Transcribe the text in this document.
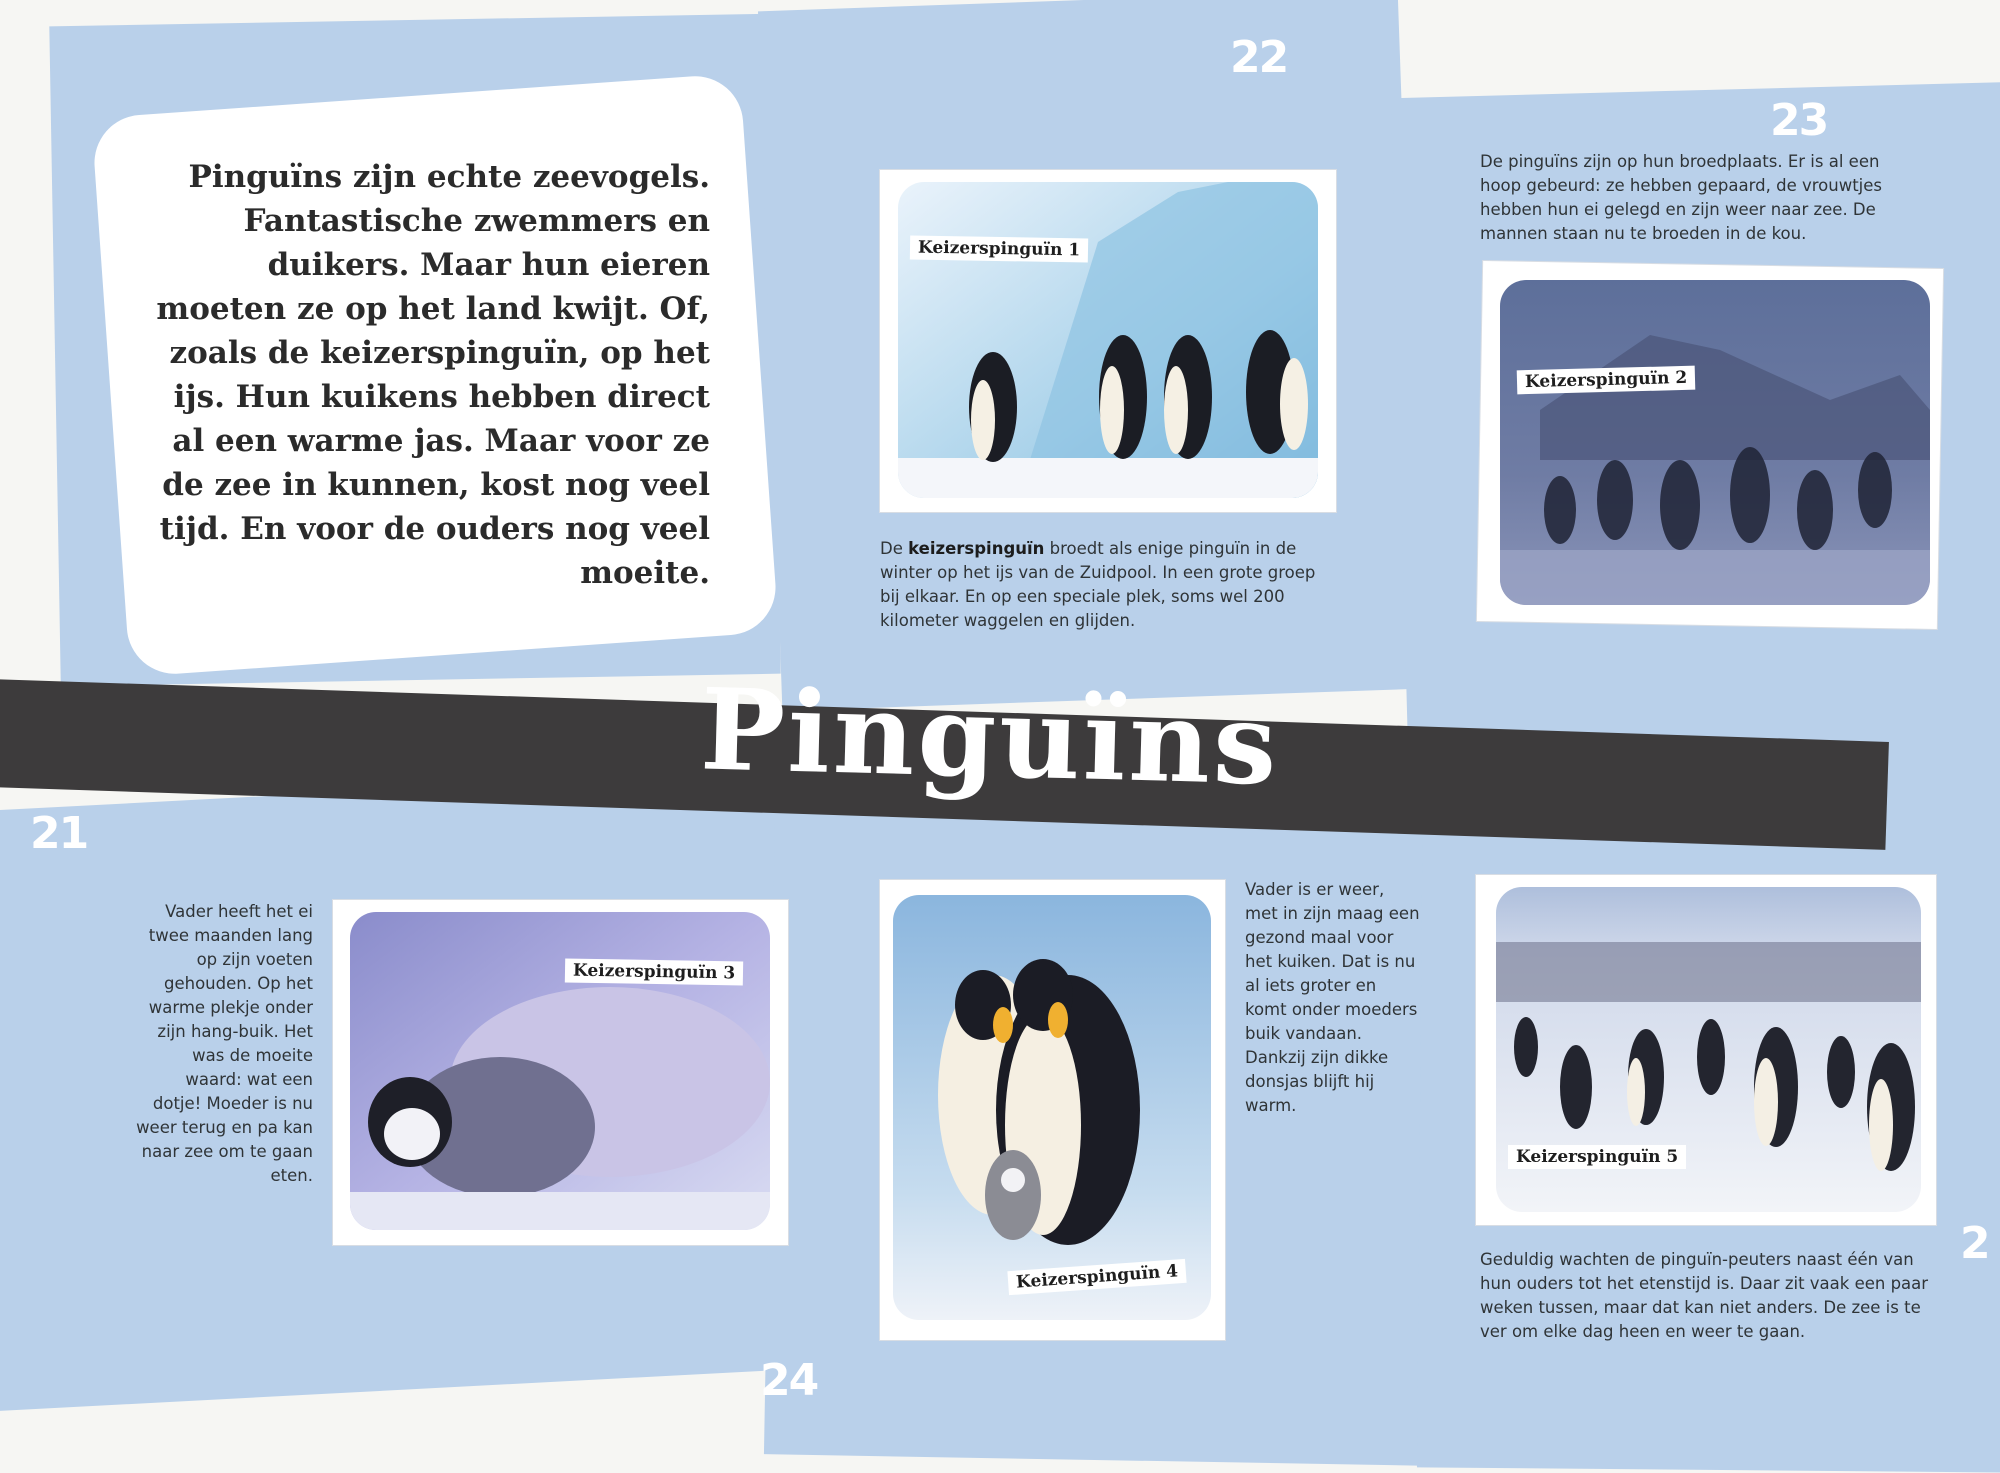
22
23
21
24
2

Pinguïns zijn echte zeevogels. Fantastische zwemmers en duikers. Maar hun eieren moeten ze op het land kwijt. Of, zoals de keizerspinguïn, op het ijs. Hun kuikens hebben direct al een warme jas. Maar voor ze de zee in kunnen, kost nog veel tijd. En voor de ouders nog veel moeite.

Pinguïns
Keizerspinguïn 1

De keizerspinguïn broedt als enige pinguïn in de winter op het ijs van de Zuidpool. In een grote groep bij elkaar. En op een speciale plek, soms wel 200 kilometer waggelen en glijden.

De pinguïns zijn op hun broedplaats. Er is al een hoop gebeurd: ze hebben gepaard, de vrouwtjes hebben hun ei gelegd en zijn weer naar zee. De mannen staan nu te broeden in de kou.

Keizerspinguïn 2

Vader heeft het ei twee maanden lang op zijn voeten gehouden. Op het warme plekje onder zijn hang-buik. Het was de moeite waard: wat een dotje! Moeder is nu weer terug en pa kan naar zee om te gaan eten.

Keizerspinguïn 3
Keizerspinguïn 4

Vader is er weer, met in zijn maag een gezond maal voor het kuiken. Dat is nu al iets groter en komt onder moeders buik vandaan. Dankzij zijn dikke donsjas blijft hij warm.

Keizerspinguïn 5

Geduldig wachten de pinguïn-peuters naast één van hun ouders tot het etenstijd is. Daar zit vaak een paar weken tussen, maar dat kan niet anders. De zee is te ver om elke dag heen en weer te gaan.
